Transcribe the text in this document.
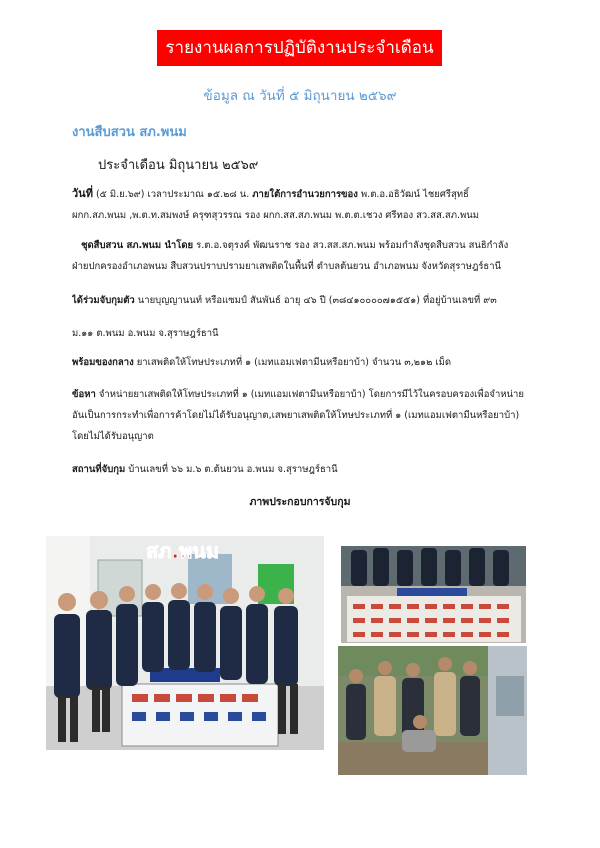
รายงานผลการปฏิบัติงานประจำเดือน
ข้อมูล ณ วันที่ ๕ มิถุนายน ๒๕๖๙
งานสืบสวน สภ.พนม
ประจำเดือน มิถุนายน ๒๕๖๙
วันที่ (๕ มิ.ย.๖๙) เวลาประมาณ ๑๕.๒๘ น. ภายใต้การอำนวยการของ พ.ต.อ.อธิวัฒน์ ไชยศรีสุทธิ์
ผกก.สภ.พนม ,พ.ต.ท.สมพงษ์ ครุฑสุวรรณ รอง ผกก.สส.สภ.พนม พ.ต.ต.เชวง ศรีทอง สว.สส.สภ.พนม
ชุดสืบสวน สภ.พนม นำโดย ร.ต.อ.จตุรงค์ พัฒนราช รอง สว.สส.สภ.พนม พร้อมกำลังชุดสืบสวน สนธิกำลัง
ฝ่ายปกครองอำเภอพนม สืบสวนปราบปรามยาเสพติดในพื้นที่ ตำบลต้นยวน อำเภอพนม จังหวัดสุราษฎร์ธานี
ได้ร่วมจับกุมตัว นายบุญญานนท์ หรือแซมป์ สันพันธ์ อายุ ๔๖ ปี (๓๘๔๑๐๐๐๐๗๑๕๕๑) ที่อยู่บ้านเลขที่ ๙๓
ม.๑๑ ต.พนม อ.พนม จ.สุราษฎร์ธานี
พร้อมของกลาง ยาเสพติดให้โทษประเภทที่ ๑ (เมทแอมเฟตามีนหรือยาบ้า) จำนวน ๓,๒๑๒ เม็ด
ข้อหา จำหน่ายยาเสพติดให้โทษประเภทที่ ๑ (เมทแอมเฟตามีนหรือยาบ้า) โดยการมีไว้ในครอบครองเพื่อจำหน่าย
อันเป็นการกระทำเพื่อการค้าโดยไม่ได้รับอนุญาต,เสพยาเสพติดให้โทษประเภทที่ ๑ (เมทแอมเฟตามีนหรือยาบ้า)
โดยไม่ได้รับอนุญาต
สถานที่จับกุม บ้านเลขที่ ๖๖ ม.๖ ต.ต้นยวน อ.พนม จ.สุราษฎร์ธานี
ภาพประกอบการจับกุม
สภ.พนม
